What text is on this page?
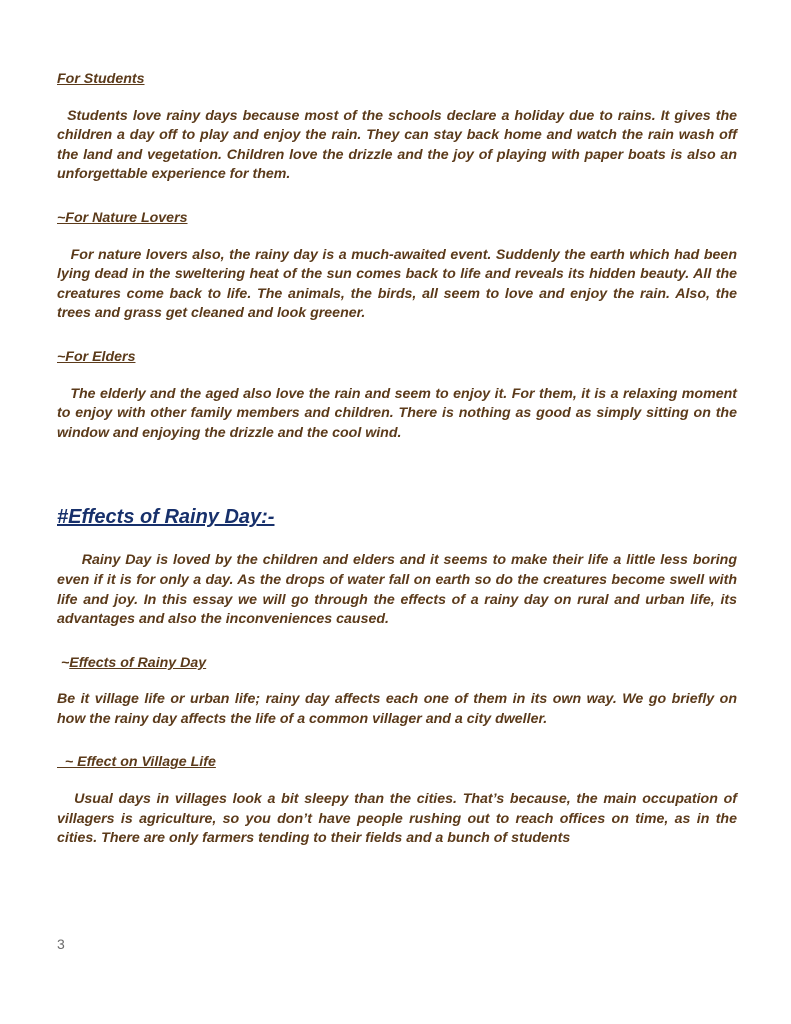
For Students

Students love rainy days because most of the schools declare a holiday due to rains. It gives the children a day off to play and enjoy the rain. They can stay back home and watch the rain wash off the land and vegetation. Children love the drizzle and the joy of playing with paper boats is also an unforgettable experience for them.

~For Nature Lovers

For nature lovers also, the rainy day is a much-awaited event. Suddenly the earth which had been lying dead in the sweltering heat of the sun comes back to life and reveals its hidden beauty. All the creatures come back to life. The animals, the birds, all seem to love and enjoy the rain. Also, the trees and grass get cleaned and look greener.

~For Elders

The elderly and the aged also love the rain and seem to enjoy it. For them, it is a relaxing moment to enjoy with other family members and children. There is nothing as good as simply sitting on the window and enjoying the drizzle and the cool wind.

#Effects of Rainy Day:-

Rainy Day is loved by the children and elders and it seems to make their life a little less boring even if it is for only a day. As the drops of water fall on earth so do the creatures become swell with life and joy. In this essay we will go through the effects of a rainy day on rural and urban life, its advantages and also the inconveniences caused.

~Effects of Rainy Day

Be it village life or urban life; rainy day affects each one of them in its own way. We go briefly on how the rainy day affects the life of a common villager and a city dweller.

~ Effect on Village Life

Usual days in villages look a bit sleepy than the cities. That’s because, the main occupation of villagers is agriculture, so you don’t have people rushing out to reach offices on time, as in the cities. There are only farmers tending to their fields and a bunch of students

3
